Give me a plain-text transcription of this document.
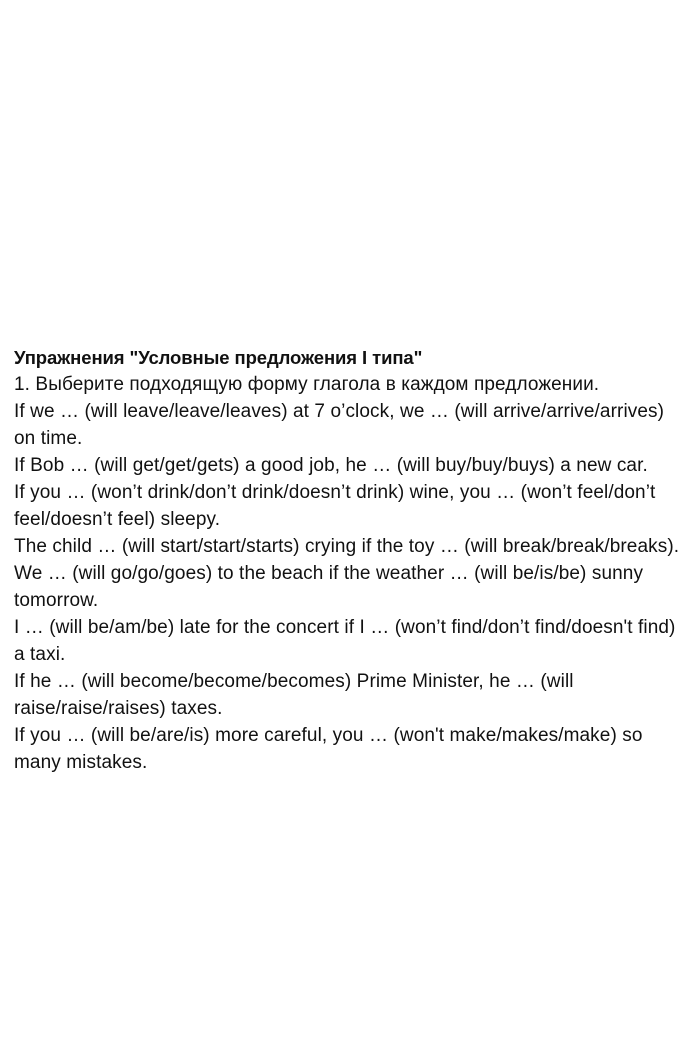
Упражнения "Условные предложения I типа"

1. Выберите подходящую форму глагола в каждом предложении.

If we … (will leave/leave/leaves) at 7 o’clock, we … (will arrive/arrive/arrives) on time.

If Bob … (will get/get/gets) a good job, he … (will buy/buy/buys) a new car.

If you … (won’t drink/don’t drink/doesn’t drink) wine, you … (won’t feel/don’t feel/doesn’t feel) sleepy.

The child … (will start/start/starts) crying if the toy … (will break/break/breaks).

We … (will go/go/goes) to the beach if the weather … (will be/is/be) sunny tomorrow.

I … (will be/am/be) late for the concert if I … (won’t find/don’t find/doesn't find) a taxi.

If he … (will become/become/becomes) Prime Minister, he … (will raise/raise/raises) taxes.

If you … (will be/are/is) more careful, you … (won't make/makes/make) so many mistakes.
